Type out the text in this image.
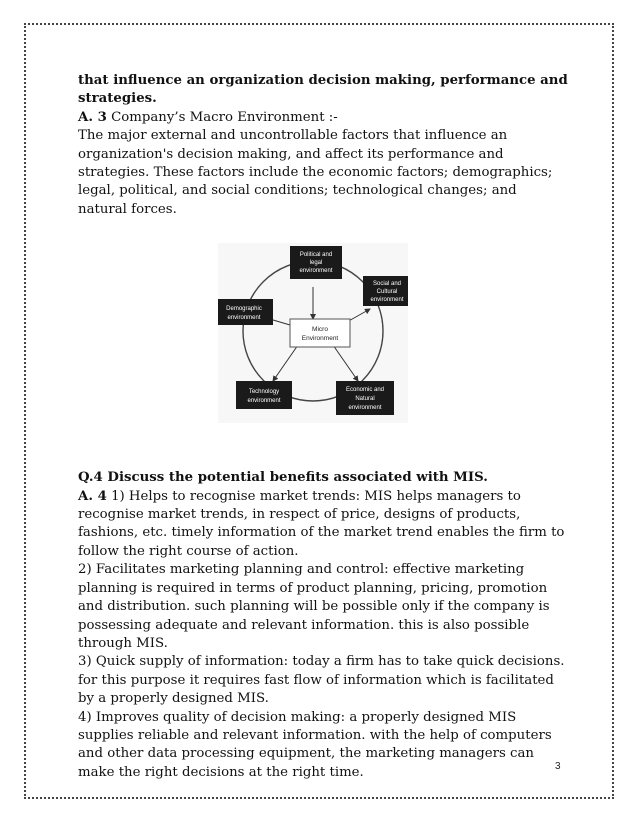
that influence an organization decision making, performance and strategies.

A. 3 Company’s Macro Environment :-

The major external and uncontrollable factors that influence an organization's decision making, and affect its performance and strategies. These factors include the economic factors; demographics; legal, political, and social conditions; technological changes; and natural forces.

Micro
Environment
Political and
legal
environment
Social and
Cultural
environment
Economic and
Natural
environment
Technology
environment
Demographic
environment

Q.4 Discuss the potential benefits associated with MIS.

A. 4 1) Helps to recognise market trends: MIS helps managers to recognise market trends, in respect of price, designs of products, fashions, etc. timely information of the market trend enables the firm to follow the right course of action.

2) Facilitates marketing planning and control: effective marketing planning is required in terms of product planning, pricing, promotion and distribution. such planning will be possible only if the company is possessing adequate and relevant information. this is also possible through MIS.

3) Quick supply of information: today a firm has to take quick decisions. for this purpose it requires fast flow of information which is facilitated by a properly designed MIS.

4) Improves quality of decision making: a properly designed MIS supplies reliable and relevant information. with the help of computers and other data processing equipment, the marketing managers can make the right decisions at the right time.	3
